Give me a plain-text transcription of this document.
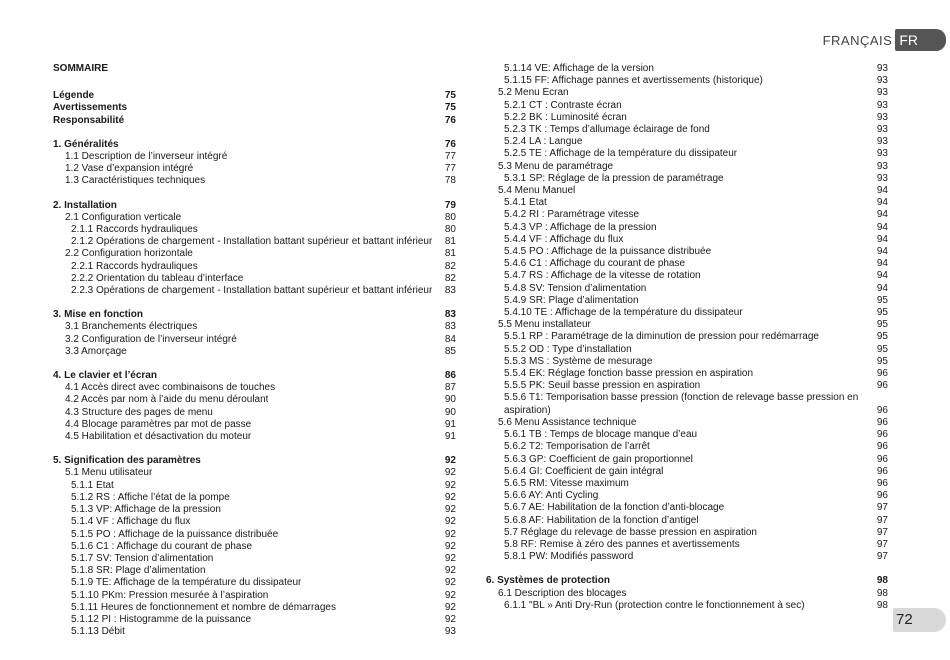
FRANÇAIS FR
SOMMAIRE
Légende	75
Avertissements	75
Responsabilité	76
1. Généralités	76
1.1 Description de l’inverseur intégré	77
1.2 Vase d’expansion intégré	77
1.3 Caractéristiques techniques	78
2. Installation	79
2.1 Configuration verticale	80
2.1.1 Raccords hydrauliques	80
2.1.2 Opérations de chargement - Installation battant supérieur et battant inférieur	81
2.2 Configuration horizontale	81
2.2.1 Raccords hydrauliques	82
2.2.2 Orientation du tableau d’interface	82
2.2.3 Opérations de chargement - Installation battant supérieur et battant inférieur	83
3. Mise en fonction	83
3.1 Branchements électriques	83
3.2 Configuration de l’inverseur intégré	84
3.3 Amorçage	85
4. Le clavier et l’écran	86
4.1 Accès direct avec combinaisons de touches	87
4.2 Accès par nom à l’aide du menu déroulant	90
4.3 Structure des pages de menu	90
4.4 Blocage paramètres par mot de passe	91
4.5 Habilitation et désactivation du moteur	91
5. Signification des paramètres	92
5.1 Menu utilisateur	92
5.1.1 État	92
5.1.2 RS : Affiche l’état de la pompe	92
5.1.3 VP: Affichage de la pression	92
5.1.4 VF : Affichage du flux	92
5.1.5 PO : Affichage de la puissance distribuée	92
5.1.6 C1 : Affichage du courant de phase	92
5.1.7 SV: Tension d’alimentation	92
5.1.8 SR: Plage d’alimentation	92
5.1.9 TE: Affichage de la température du dissipateur	92
5.1.10 PKm: Pression mesurée à l’aspiration	92
5.1.11 Heures de fonctionnement et nombre de démarrages	92
5.1.12 PI : Histogramme de la puissance	92
5.1.13 Débit	93
5.1.14 VE: Affichage de la version	93
5.1.15 FF: Affichage pannes et avertissements (historique)	93
5.2 Menu Écran	93
5.2.1 CT : Contraste écran	93
5.2.2 BK : Luminosité écran	93
5.2.3 TK : Temps d’allumage éclairage de fond	93
5.2.4 LA : Langue	93
5.2.5 TE : Affichage de la température du dissipateur	93
5.3 Menu de paramétrage	93
5.3.1 SP: Réglage de la pression de paramétrage	93
5.4 Menu Manuel	94
5.4.1 État	94
5.4.2 RI : Paramétrage vitesse	94
5.4.3 VP : Affichage de la pression	94
5.4.4 VF : Affichage du flux	94
5.4.5 PO : Affichage de la puissance distribuée	94
5.4.6 C1 : Affichage du courant de phase	94
5.4.7 RS : Affichage de la vitesse de rotation	94
5.4.8 SV: Tension d’alimentation	94
5.4.9 SR: Plage d’alimentation	95
5.4.10 TE : Affichage de la température du dissipateur	95
5.5 Menu installateur	95
5.5.1 RP : Paramétrage de la diminution de pression pour redémarrage	95
5.5.2 OD : Type d’installation	95
5.5.3 MS : Système de mesurage	95
5.5.4 EK: Réglage fonction basse pression en aspiration	96
5.5.5 PK: Seuil basse pression en aspiration	96
5.5.6 T1: Temporisation basse pression (fonction de relevage basse pression en
aspiration)	96
5.6 Menu Assistance technique	96
5.6.1 TB : Temps de blocage manque d’eau	96
5.6.2 T2: Temporisation de l’arrêt	96
5.6.3 GP: Coefficient de gain proportionnel	96
5.6.4 GI: Coefficient de gain intégral	96
5.6.5 RM: Vitesse maximum	96
5.6.6 AY: Anti Cycling	96
5.6.7 AE: Habilitation de la fonction d’anti-blocage	97
5.6.8 AF: Habilitation de la fonction d’antigel	97
5.7 Réglage du relevage de basse pression en aspiration	97
5.8 RF: Remise à zéro des pannes et avertissements	97
5.8.1 PW: Modifiés password	97
6. Systèmes de protection	98
6.1 Description des blocages	98
6.1.1 "BL » Anti Dry-Run (protection contre le fonctionnement à sec)	98
72
